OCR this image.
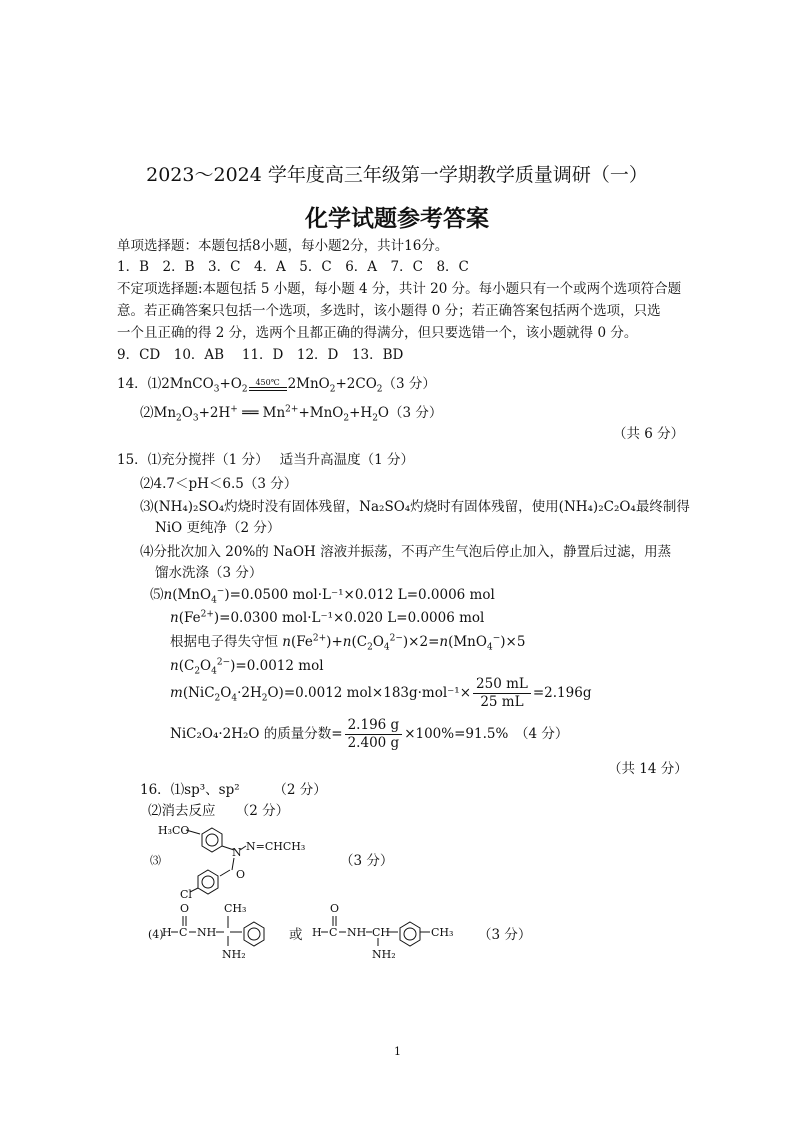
2023～2024 学年度高三年级第一学期教学质量调研（一）
化学试题参考答案
单项选择题：本题包括8小题，每小题2分，共计16分。
1．B　2．B　3．C　4．A　5．C　6．A　7．C　8．C
不定项选择题:本题包括 5 小题，每小题 4 分，共计 20 分。每小题只有一个或两个选项符合题
意。若正确答案只包括一个选项，多选时，该小题得 0 分；若正确答案包括两个选项，只选
一个且正确的得 2 分，选两个且都正确的得满分，但只要选错一个，该小题就得 0 分。
9．CD　10．AB　 11．D　12．D　13．BD
14．$⑴2MnCO_3+O_2$
450℃ $2MnO_2+2CO_2(3$ 分）
$⑵Mn_2O_3+2H^+$ ══ $Mn^{2+}+MnO_2+H_2O(3$ 分）
（共 6 分）
15．⑴充分搅拌（1 分）　 适当升高温度（1 分）
⑵4.7＜pH＜6.5（3 分）
⑶(NH₄)₂SO₄灼烧时没有固体残留，Na₂SO₄灼烧时有固体残留，使用(NH₄)₂C₂O₄最终制得
NiO 更纯净（2 分）
⑷分批次加入 20%的 NaOH 溶液并振荡，不再产生气泡后停止加入，静置后过滤，用蒸
馏水洗涤（3 分）
⑸n(MnO$_4$−)=0.0500 mol·L⁻¹×0.012 L=0.0006 mol
$n(Fe^{2+})=0.0300$ mol·L⁻¹×0.020 L=0.0006 mol
根据电子得失守恒 $n(Fe^{2+})+n(C_2O_4^{2-})\times 2=n(MnO_4^-)\times 5$
$n(C_2O_4^{2-})=0.0012$ mol
$m(NiC_2O_4\cdot 2H_2O)=0.0012$ $mol\times 183g\cdot mol^{-1}\times \frac{250 mL}{25 mL} =2.196g$
NiC₂O₄·2H₂O 的质量分数= $\frac{2.196 g}{2.400 g} \times 100\%=91.5\%$　（4 分）
（共 14 分）
16．⑴sp³、sp²　　　（2 分）
⑵消去反应　　（2 分）
⑶
H₃CO
N N=CHCH₃
O
Cl
（3 分）
(4)
H C
O
NH
CH₃
NH₂
或 H C
O
NH CH
NH₂
CH₃ （3 分）
1
